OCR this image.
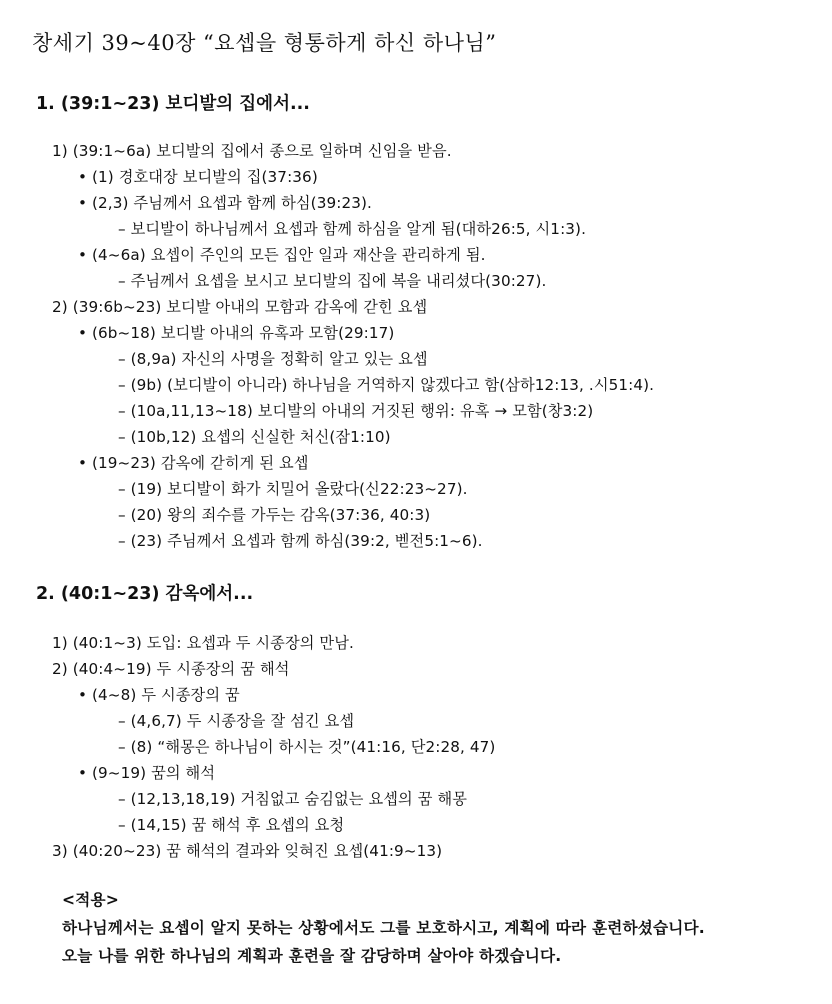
창세기 39~40장 “요셉을 형통하게 하신 하나님”
1. (39:1~23) 보디발의 집에서...
1) (39:1~6a) 보디발의 집에서 종으로 일하며 신임을 받음.
• (1) 경호대장 보디발의 집(37:36)
• (2,3) 주님께서 요셉과 함께 하심(39:23).
– 보디발이 하나님께서 요셉과 함께 하심을 알게 됨(대하26:5, 시1:3).
• (4~6a) 요셉이 주인의 모든 집안 일과 재산을 관리하게 됨.
– 주님께서 요셉을 보시고 보디발의 집에 복을 내리셨다(30:27).
2) (39:6b~23) 보디발 아내의 모함과 감옥에 갇힌 요셉
• (6b~18) 보디발 아내의 유혹과 모함(29:17)
– (8,9a) 자신의 사명을 정확히 알고 있는 요셉
– (9b) (보디발이 아니라) 하나님을 거역하지 않겠다고 함(삼하12:13, .시51:4).
– (10a,11,13~18) 보디발의 아내의 거짓된 행위: 유혹 → 모함(창3:2)
– (10b,12) 요셉의 신실한 처신(잠1:10)
• (19~23) 감옥에 갇히게 된 요셉
– (19) 보디발이 화가 치밀어 올랐다(신22:23~27).
– (20) 왕의 죄수를 가두는 감옥(37:36, 40:3)
– (23) 주님께서 요셉과 함께 하심(39:2, 벧전5:1~6).
2. (40:1~23) 감옥에서...
1) (40:1~3) 도입: 요셉과 두 시종장의 만남.
2) (40:4~19) 두 시종장의 꿈 해석
• (4~8) 두 시종장의 꿈
– (4,6,7) 두 시종장을 잘 섬긴 요셉
– (8) “해몽은 하나님이 하시는 것”(41:16, 단2:28, 47)
• (9~19) 꿈의 해석
– (12,13,18,19) 거침없고 숨김없는 요셉의 꿈 해몽
– (14,15) 꿈 해석 후 요셉의 요청
3) (40:20~23) 꿈 해석의 결과와 잊혀진 요셉(41:9~13)
<적용>
하나님께서는 요셉이 알지 못하는 상황에서도 그를 보호하시고, 계획에 따라 훈련하셨습니다.
오늘 나를 위한 하나님의 계획과 훈련을 잘 감당하며 살아야 하겠습니다.
